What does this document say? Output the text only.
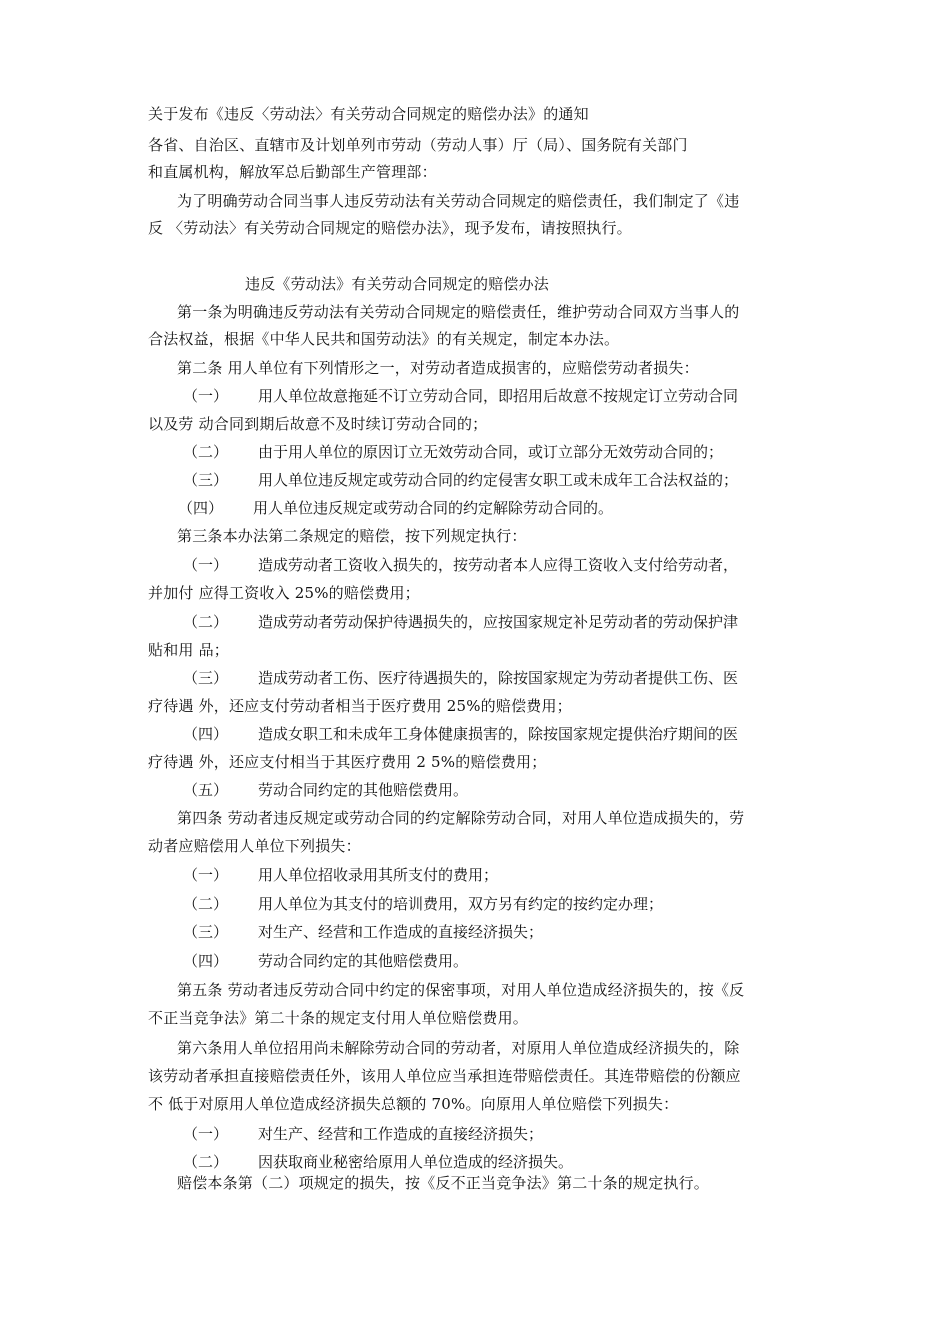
关于发布《违反〈劳动法〉有关劳动合同规定的赔偿办法》的通知
各省、自治区、直辖市及计划单列市劳动（劳动人事）厅（局）、国务院有关部门
和直属机构，解放军总后勤部生产管理部：
为了明确劳动合同当事人违反劳动法有关劳动合同规定的赔偿责任，我们制定了《违
反 〈劳动法〉有关劳动合同规定的赔偿办法》，现予发布，请按照执行。
违反《劳动法》有关劳动合同规定的赔偿办法
第一条为明确违反劳动法有关劳动合同规定的赔偿责任，维护劳动合同双方当事人的
合法权益，根据《中华人民共和国劳动法》的有关规定，制定本办法。
第二条 用人单位有下列情形之一，对劳动者造成损害的，应赔偿劳动者损失：
（一） 用人单位故意拖延不订立劳动合同，即招用后故意不按规定订立劳动合同
以及劳 动合同到期后故意不及时续订劳动合同的；
（二） 由于用人单位的原因订立无效劳动合同，或订立部分无效劳动合同的；
（三） 用人单位违反规定或劳动合同的约定侵害女职工或未成年工合法权益的；
（四） 用人单位违反规定或劳动合同的约定解除劳动合同的。
第三条本办法第二条规定的赔偿，按下列规定执行：
（一） 造成劳动者工资收入损失的，按劳动者本人应得工资收入支付给劳动者，
并加付 应得工资收入 25%的赔偿费用；
（二） 造成劳动者劳动保护待遇损失的，应按国家规定补足劳动者的劳动保护津
贴和用 品；
（三） 造成劳动者工伤、医疗待遇损失的，除按国家规定为劳动者提供工伤、医
疗待遇 外，还应支付劳动者相当于医疗费用 25%的赔偿费用；
（四） 造成女职工和未成年工身体健康损害的，除按国家规定提供治疗期间的医
疗待遇 外，还应支付相当于其医疗费用 2 5%的赔偿费用；
（五） 劳动合同约定的其他赔偿费用。
第四条 劳动者违反规定或劳动合同的约定解除劳动合同，对用人单位造成损失的，劳
动者应赔偿用人单位下列损失：
（一） 用人单位招收录用其所支付的费用；
（二） 用人单位为其支付的培训费用，双方另有约定的按约定办理；
（三） 对生产、经营和工作造成的直接经济损失；
（四） 劳动合同约定的其他赔偿费用。
第五条 劳动者违反劳动合同中约定的保密事项，对用人单位造成经济损失的，按《反
不正当竞争法》第二十条的规定支付用人单位赔偿费用。
第六条用人单位招用尚未解除劳动合同的劳动者，对原用人单位造成经济损失的，除
该劳动者承担直接赔偿责任外，该用人单位应当承担连带赔偿责任。其连带赔偿的份额应
不 低于对原用人单位造成经济损失总额的 70%。向原用人单位赔偿下列损失：
（一） 对生产、经营和工作造成的直接经济损失；
（二） 因获取商业秘密给原用人单位造成的经济损失。
赔偿本条第（二）项规定的损失，按《反不正当竞争法》第二十条的规定执行。
